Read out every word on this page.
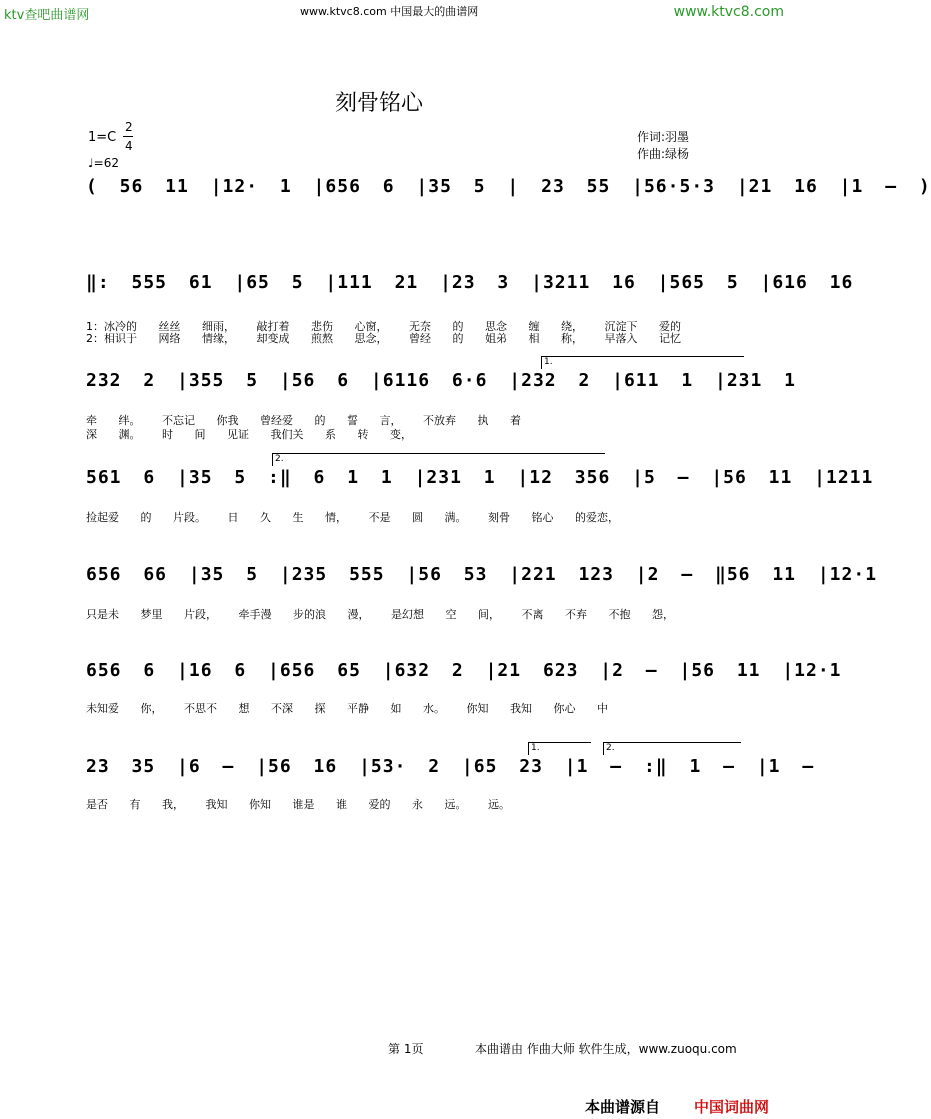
ktv查吧曲谱网	www.ktvc8.com 中国最大的曲谱网	www.ktvc8.com
刻骨铭心
1=C
2
4
♩=62
作词:羽墨
作曲:绿杨
( 56 11 |12· 1 |656 6 |35 5 | 23 55 |56·5·3 |21 16 |1 – )
‖: 555 61 |65 5 |111 21 |23 3 |3211 16 |565 5 |616 16
1：冰冷的 丝丝 细雨， 敲打着 悲伤 心窗， 无奈 的 思念 缠 绕， 沉淀下 爱的
2：相识于 网络 情缘， 却变成 煎熬 思念， 曾经 的 姐弟 相 称， 早落入 记忆
1.
232 2 |355 5 |56 6 |6116 6·6 |232 2 |611 1 |231 1
牵 绊。 不忘记 你我 曾经爱 的 誓 言， 不放弃 执 着
深 渊。 时 间 见证 我们关 系 转 变，
2.
561 6 |35 5 :‖ 6 1 1 |231 1 |12 356 |5 – |56 11 |1211
捡起爱 的 片段。 日 久 生 情， 不是 圆 满。 刻骨 铭心 的爱恋，
656 66 |35 5 |235 555 |56 53 |221 123 |2 – ‖56 11 |12·1
只是未 梦里 片段， 牵手漫 步的浪 漫， 是幻想 空 间， 不离 不弃 不抱 怨，
656 6 |16 6 |656 65 |632 2 |21 623 |2 – |56 11 |12·1
未知爱 你， 不思不 想 不深 探 平静 如 水。 你知 我知 你心 中
1.	2.
23 35 |6 – |56 16 |53· 2 |65 23 |1 – :‖ 1 – |1 –
是否 有 我， 我知 你知 谁是 谁 爱的 永 远。 远。
第 1页	本曲谱由 作曲大师 软件生成，www.zuoqu.com
本曲谱源自 中国词曲网
